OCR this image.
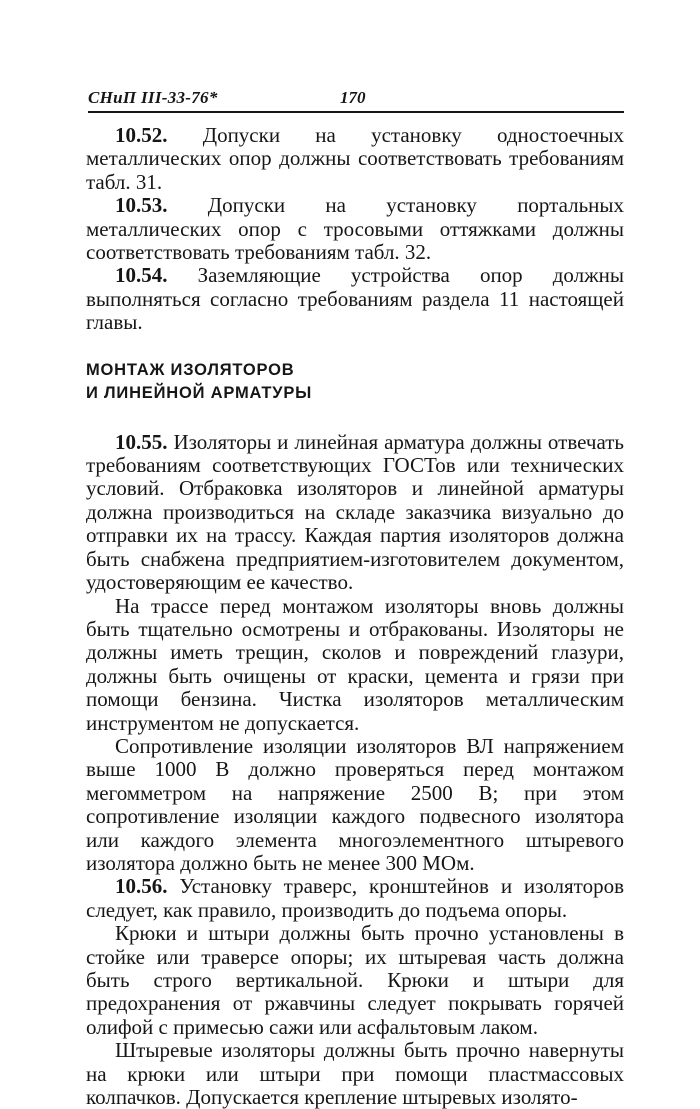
СНиП III-33-76*	170

10.52. Допуски на установку одностоечных металлических опор должны соответствовать требованиям табл. 31.

10.53. Допуски на установку портальных металлических опор с тросовыми оттяжками должны соответствовать требованиям табл. 32.

10.54. Заземляющие устройства опор должны выполняться согласно требованиям раздела 11 настоящей главы.

МОНТАЖ ИЗОЛЯТОРОВ
И ЛИНЕЙНОЙ АРМАТУРЫ

10.55. Изоляторы и линейная арматура должны отвечать требованиям соответствующих ГОСТов или технических условий. Отбраковка изоляторов и линейной арматуры должна производиться на складе заказчика визуально до отправки их на трассу. Каждая партия изоляторов должна быть снабжена предприятием-изготовителем документом, удостоверяющим ее качество.

На трассе перед монтажом изоляторы вновь должны быть тщательно осмотрены и отбракованы. Изоляторы не должны иметь трещин, сколов и повреждений глазури, должны быть очищены от краски, цемента и грязи при помощи бензина. Чистка изоляторов металлическим инструментом не допускается.

Сопротивление изоляции изоляторов ВЛ напряжением выше 1000 В должно проверяться перед монтажом мегомметром на напряжение 2500 В; при этом сопротивление изоляции каждого подвесного изолятора или каждого элемента многоэлементного штыревого изолятора должно быть не менее 300 МОм.

10.56. Установку траверс, кронштейнов и изоляторов следует, как правило, производить до подъема опоры.

Крюки и штыри должны быть прочно установлены в стойке или траверсе опоры; их штыревая часть должна быть строго вертикальной. Крюки и штыри для предохранения от ржавчины следует покрывать горячей олифой с примесью сажи или асфальтовым лаком.

Штыревые изоляторы должны быть прочно навернуты на крюки или штыри при помощи пластмассовых колпачков. Допускается крепление штыревых изолято-
